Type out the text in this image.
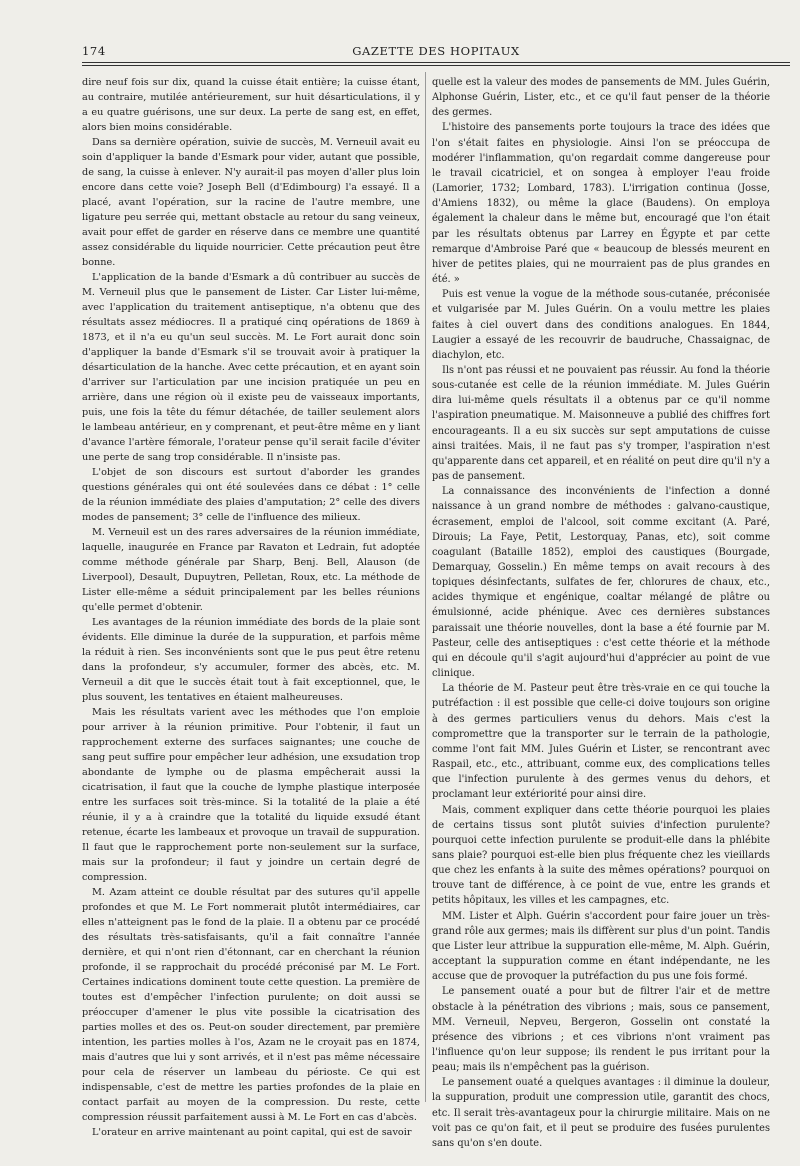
174	GAZETTE DES HOPITAUX

dire neuf fois sur dix, quand la cuisse était entière; la cuisse étant, au contraire, mutilée antérieurement, sur huit désarticulations, il y a eu quatre guérisons, une sur deux. La perte de sang est, en effet, alors bien moins considérable.

Dans sa dernière opération, suivie de succès, M. Verneuil avait eu soin d'appliquer la bande d'Esmark pour vider, autant que possible, de sang, la cuisse à enlever. N'y aurait-il pas moyen d'aller plus loin encore dans cette voie? Joseph Bell (d'Edimbourg) l'a essayé. Il a placé, avant l'opération, sur la racine de l'autre membre, une ligature peu serrée qui, mettant obstacle au retour du sang veineux, avait pour effet de garder en réserve dans ce membre une quantité assez considérable du liquide nourricier. Cette précaution peut être bonne.

L'application de la bande d'Esmark a dû contribuer au succès de M. Verneuil plus que le pansement de Lister. Car Lister lui-même, avec l'application du traitement antiseptique, n'a obtenu que des résultats assez médiocres. Il a pratiqué cinq opérations de 1869 à 1873, et il n'a eu qu'un seul succès. M. Le Fort aurait donc soin d'appliquer la bande d'Esmark s'il se trouvait avoir à pratiquer la désarticulation de la hanche. Avec cette précaution, et en ayant soin d'arriver sur l'articulation par une incision pratiquée un peu en arrière, dans une région où il existe peu de vaisseaux importants, puis, une fois la tête du fémur détachée, de tailler seulement alors le lambeau antérieur, en y comprenant, et peut-être même en y liant d'avance l'artère fémorale, l'orateur pense qu'il serait facile d'éviter une perte de sang trop considérable. Il n'insiste pas.

L'objet de son discours est surtout d'aborder les grandes questions générales qui ont été soulevées dans ce débat : 1° celle de la réunion immédiate des plaies d'amputation; 2° celle des divers modes de pansement; 3° celle de l'influence des milieux.

M. Verneuil est un des rares adversaires de la réunion immédiate, laquelle, inaugurée en France par Ravaton et Ledrain, fut adoptée comme méthode générale par Sharp, Benj. Bell, Alauson (de Liverpool), Desault, Dupuytren, Pelletan, Roux, etc. La méthode de Lister elle-même a séduit principalement par les belles réunions qu'elle permet d'obtenir.

Les avantages de la réunion immédiate des bords de la plaie sont évidents. Elle diminue la durée de la suppuration, et parfois même la réduit à rien. Ses inconvénients sont que le pus peut être retenu dans la profondeur, s'y accumuler, former des abcès, etc. M. Verneuil a dit que le succès était tout à fait exceptionnel, que, le plus souvent, les tentatives en étaient malheureuses.

Mais les résultats varient avec les méthodes que l'on emploie pour arriver à la réunion primitive. Pour l'obtenir, il faut un rapprochement externe des surfaces saignantes; une couche de sang peut suffire pour empêcher leur adhésion, une exsudation trop abondante de lymphe ou de plasma empêcherait aussi la cicatrisation, il faut que la couche de lymphe plastique interposée entre les surfaces soit très-mince. Si la totalité de la plaie a été réunie, il y a à craindre que la totalité du liquide exsudé étant retenue, écarte les lambeaux et provoque un travail de suppuration. Il faut que le rapprochement porte non-seulement sur la surface, mais sur la profondeur; il faut y joindre un certain degré de compression.

M. Azam atteint ce double résultat par des sutures qu'il appelle profondes et que M. Le Fort nommerait plutôt intermédiaires, car elles n'atteignent pas le fond de la plaie. Il a obtenu par ce procédé des résultats très-satisfaisants, qu'il a fait connaître l'année dernière, et qui n'ont rien d'étonnant, car en cherchant la réunion profonde, il se rapprochait du procédé préconisé par M. Le Fort. Certaines indications dominent toute cette question. La première de toutes est d'empêcher l'infection purulente; on doit aussi se préoccuper d'amener le plus vite possible la cicatrisation des parties molles et des os. Peut-on souder directement, par première intention, les parties molles à l'os, Azam ne le croyait pas en 1874, mais d'autres que lui y sont arrivés, et il n'est pas même nécessaire pour cela de réserver un lambeau du périoste. Ce qui est indispensable, c'est de mettre les parties profondes de la plaie en contact parfait au moyen de la compression. Du reste, cette compression réussit parfaitement aussi à M. Le Fort en cas d'abcès.

L'orateur en arrive maintenant au point capital, qui est de savoir

quelle est la valeur des modes de pansements de MM. Jules Guérin, Alphonse Guérin, Lister, etc., et ce qu'il faut penser de la théorie des germes.

L'histoire des pansements porte toujours la trace des idées que l'on s'était faites en physiologie. Ainsi l'on se préoccupa de modérer l'inflammation, qu'on regardait comme dangereuse pour le travail cicatriciel, et on songea à employer l'eau froide (Lamorier, 1732; Lombard, 1783). L'irrigation continua (Josse, d'Amiens 1832), ou même la glace (Baudens). On employa également la chaleur dans le même but, encouragé que l'on était par les résultats obtenus par Larrey en Égypte et par cette remarque d'Ambroise Paré que « beaucoup de blessés meurent en hiver de petites plaies, qui ne mourraient pas de plus grandes en été. »

Puis est venue la vogue de la méthode sous-cutanée, préconisée et vulgarisée par M. Jules Guérin. On a voulu mettre les plaies faites à ciel ouvert dans des conditions analogues. En 1844, Laugier a essayé de les recouvrir de baudruche, Chassaignac, de diachylon, etc.

Ils n'ont pas réussi et ne pouvaient pas réussir. Au fond la théorie sous-cutanée est celle de la réunion immédiate. M. Jules Guérin dira lui-même quels résultats il a obtenus par ce qu'il nomme l'aspiration pneumatique. M. Maisonneuve a publié des chiffres fort encourageants. Il a eu six succès sur sept amputations de cuisse ainsi traitées. Mais, il ne faut pas s'y tromper, l'aspiration n'est qu'apparente dans cet appareil, et en réalité on peut dire qu'il n'y a pas de pansement.

La connaissance des inconvénients de l'infection a donné naissance à un grand nombre de méthodes : galvano-caustique, écrasement, emploi de l'alcool, soit comme excitant (A. Paré, Dirouis; La Faye, Petit, Lestorquay, Panas, etc), soit comme coagulant (Bataille 1852), emploi des caustiques (Bourgade, Demarquay, Gosselin.) En même temps on avait recours à des topiques désinfectants, sulfates de fer, chlorures de chaux, etc., acides thymique et engénique, coaltar mélangé de plâtre ou émulsionné, acide phénique. Avec ces dernières substances paraissait une théorie nouvelles, dont la base a été fournie par M. Pasteur, celle des antiseptiques : c'est cette théorie et la méthode qui en découle qu'il s'agit aujourd'hui d'apprécier au point de vue clinique.

La théorie de M. Pasteur peut être très-vraie en ce qui touche la putréfaction : il est possible que celle-ci doive toujours son origine à des germes particuliers venus du dehors. Mais c'est la compromettre que la transporter sur le terrain de la pathologie, comme l'ont fait MM. Jules Guérin et Lister, se rencontrant avec Raspail, etc., etc., attribuant, comme eux, des complications telles que l'infection purulente à des germes venus du dehors, et proclamant leur extériorité pour ainsi dire.

Mais, comment expliquer dans cette théorie pourquoi les plaies de certains tissus sont plutôt suivies d'infection purulente? pourquoi cette infection purulente se produit-elle dans la phlébite sans plaie? pourquoi est-elle bien plus fréquente chez les vieillards que chez les enfants à la suite des mêmes opérations? pourquoi on trouve tant de différence, à ce point de vue, entre les grands et petits hôpitaux, les villes et les campagnes, etc.

MM. Lister et Alph. Guérin s'accordent pour faire jouer un très-grand rôle aux germes; mais ils diffèrent sur plus d'un point. Tandis que Lister leur attribue la suppuration elle-même, M. Alph. Guérin, acceptant la suppuration comme en étant indépendante, ne les accuse que de provoquer la putréfaction du pus une fois formé.

Le pansement ouaté a pour but de filtrer l'air et de mettre obstacle à la pénétration des vibrions ; mais, sous ce pansement, MM. Verneuil, Nepveu, Bergeron, Gosselin ont constaté la présence des vibrions ; et ces vibrions n'ont vraiment pas l'influence qu'on leur suppose; ils rendent le pus irritant pour la peau; mais ils n'empêchent pas la guérison.

Le pansement ouaté a quelques avantages : il diminue la douleur, la suppuration, produit une compression utile, garantit des chocs, etc. Il serait très-avantageux pour la chirurgie militaire. Mais on ne voit pas ce qu'on fait, et il peut se produire des fusées purulentes sans qu'on s'en doute.
